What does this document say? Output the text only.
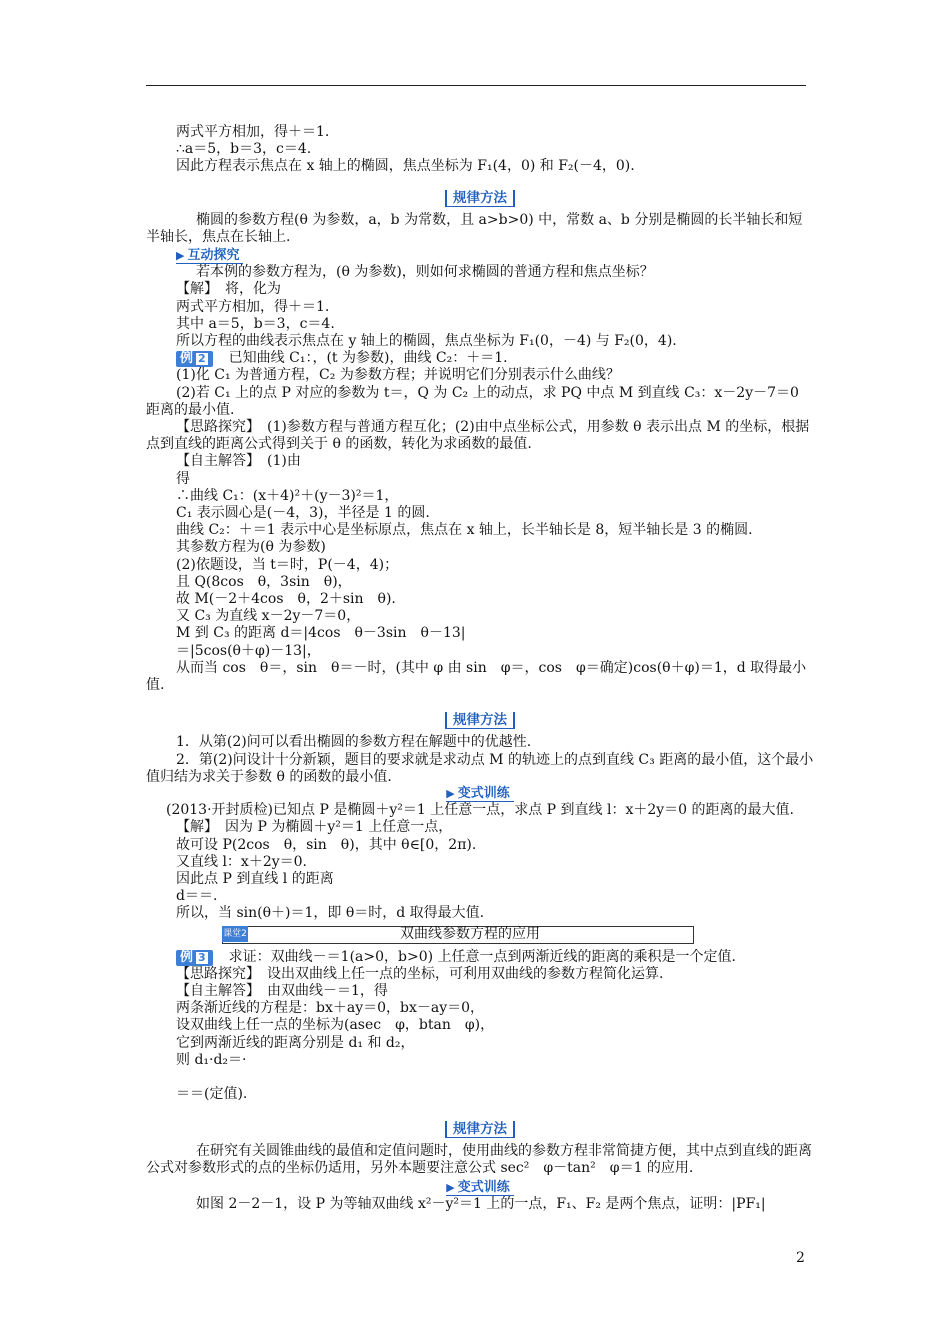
两式平方相加，得＋＝1.

∴a＝5，b＝3，c＝4.

因此方程表示焦点在 x 轴上的椭圆，焦点坐标为 F₁(4，0) 和 F₂(－4，0).

规律方法

椭圆的参数方程(θ 为参数，a，b 为常数，且 a>b>0) 中，常数 a、b 分别是椭圆的长半轴长和短半轴长，焦点在长轴上.

▶ 互动探究

若本例的参数方程为，(θ 为参数)，则如何求椭圆的普通方程和焦点坐标？

【解】　将，化为

两式平方相加，得＋＝1.

其中 a＝5，b＝3，c＝4.

所以方程的曲线表示焦点在 y 轴上的椭圆，焦点坐标为 F₁(0，－4) 与 F₂(0，4).

例 2 已知曲线 C₁：，(t 为参数)，曲线 C₂：＋＝1.

(1)化 C₁ 为普通方程，C₂ 为参数方程；并说明它们分别表示什么曲线？

(2)若 C₁ 上的点 P 对应的参数为 t＝，Q 为 C₂ 上的动点，求 PQ 中点 M 到直线 C₃：x－2y－7＝0 距离的最小值.

【思路探究】　(1)参数方程与普通方程互化；(2)由中点坐标公式，用参数 θ 表示出点 M 的坐标，根据点到直线的距离公式得到关于 θ 的函数，转化为求函数的最值.

【自主解答】　(1)由

得

∴曲线 C₁：(x＋4)²＋(y－3)²＝1，

C₁ 表示圆心是(－4，3)，半径是 1 的圆.

曲线 C₂：＋＝1 表示中心是坐标原点，焦点在 x 轴上，长半轴长是 8，短半轴长是 3 的椭圆.

其参数方程为(θ 为参数)

(2)依题设，当 t＝时，P(－4，4)；

且 Q(8cos　θ，3sin　θ)，

故 M(－2＋4cos　θ，2＋sin　θ).

又 C₃ 为直线 x－2y－7＝0，

M 到 C₃ 的距离 d＝|4cos　θ－3sin　θ－13|

＝|5cos(θ＋φ)－13|，

从而当 cos　θ＝，sin　θ＝－时，(其中 φ 由 sin　φ＝，cos　φ＝确定)cos(θ＋φ)＝1，d 取得最小值.

规律方法

1．从第(2)问可以看出椭圆的参数方程在解题中的优越性.

2．第(2)问设计十分新颖，题目的要求就是求动点 M 的轨迹上的点到直线 C₃ 距离的最小值，这个最小值归结为求关于参数 θ 的函数的最小值.

▶ 变式训练

(2013·开封质检)已知点 P 是椭圆＋y²＝1 上任意一点，求点 P 到直线 l：x＋2y＝0 的距离的最大值.

【解】　因为 P 为椭圆＋y²＝1 上任意一点，

故可设 P(2cos　θ，sin　θ)，其中 θ∈[0，2π).

又直线 l：x＋2y＝0.

因此点 P 到直线 l 的距离

d＝＝.

所以，当 sin(θ＋)＝1，即 θ＝时，d 取得最大值.

课堂2	双曲线参数方程的应用
例 3 求证：双曲线－＝1(a>0，b>0) 上任意一点到两渐近线的距离的乘积是一个定值.

【思路探究】　设出双曲线上任一点的坐标，可利用双曲线的参数方程简化运算.

【自主解答】　由双曲线－＝1，得

两条渐近线的方程是：bx＋ay＝0，bx－ay＝0，

设双曲线上任一点的坐标为(asec　φ，btan　φ)，

它到两渐近线的距离分别是 d₁ 和 d₂，

则 d₁·d₂＝·

＝＝(定值).

规律方法

在研究有关圆锥曲线的最值和定值问题时，使用曲线的参数方程非常简捷方便，其中点到直线的距离公式对参数形式的点的坐标仍适用，另外本题要注意公式 sec²　φ－tan²　φ＝1 的应用.

▶ 变式训练

如图 2－2－1，设 P 为等轴双曲线 x²－y²＝1 上的一点，F₁、F₂ 是两个焦点，证明：|PF₁|

2
